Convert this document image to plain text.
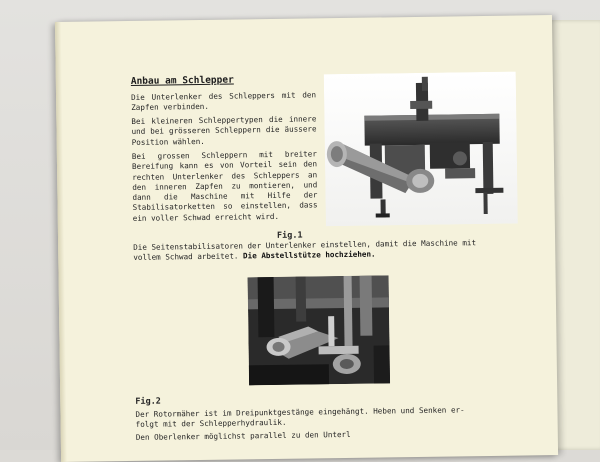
Anbau am Schlepper

Die Unterlenker des Schleppers mit den Zapfen verbinden.

Bei kleineren Schleppertypen die innere und bei grösseren Schleppern die äussere Position wählen.

Bei grossen Schleppern mit breiter Bereifung kann es von Vorteil sein den rechten Unterlenker des Schleppers an den inneren Zapfen zu montieren, und dann die Maschine mit Hilfe der Stabilisatorketten so einstellen, dass ein voller Schwad erreicht wird.

Fig.1
Die Seitenstabilisatoren der Unterlenker einstellen, damit die Maschine mit
vollem Schwad arbeitet. Die Abstellstütze hochziehen.
Fig.2
Der Rotormäher ist im Dreipunktgestänge eingehängt. Heben und Senken er-
folgt mit der Schlepperhydraulik.
Den Oberlenker möglichst parallel zu den Unterl
